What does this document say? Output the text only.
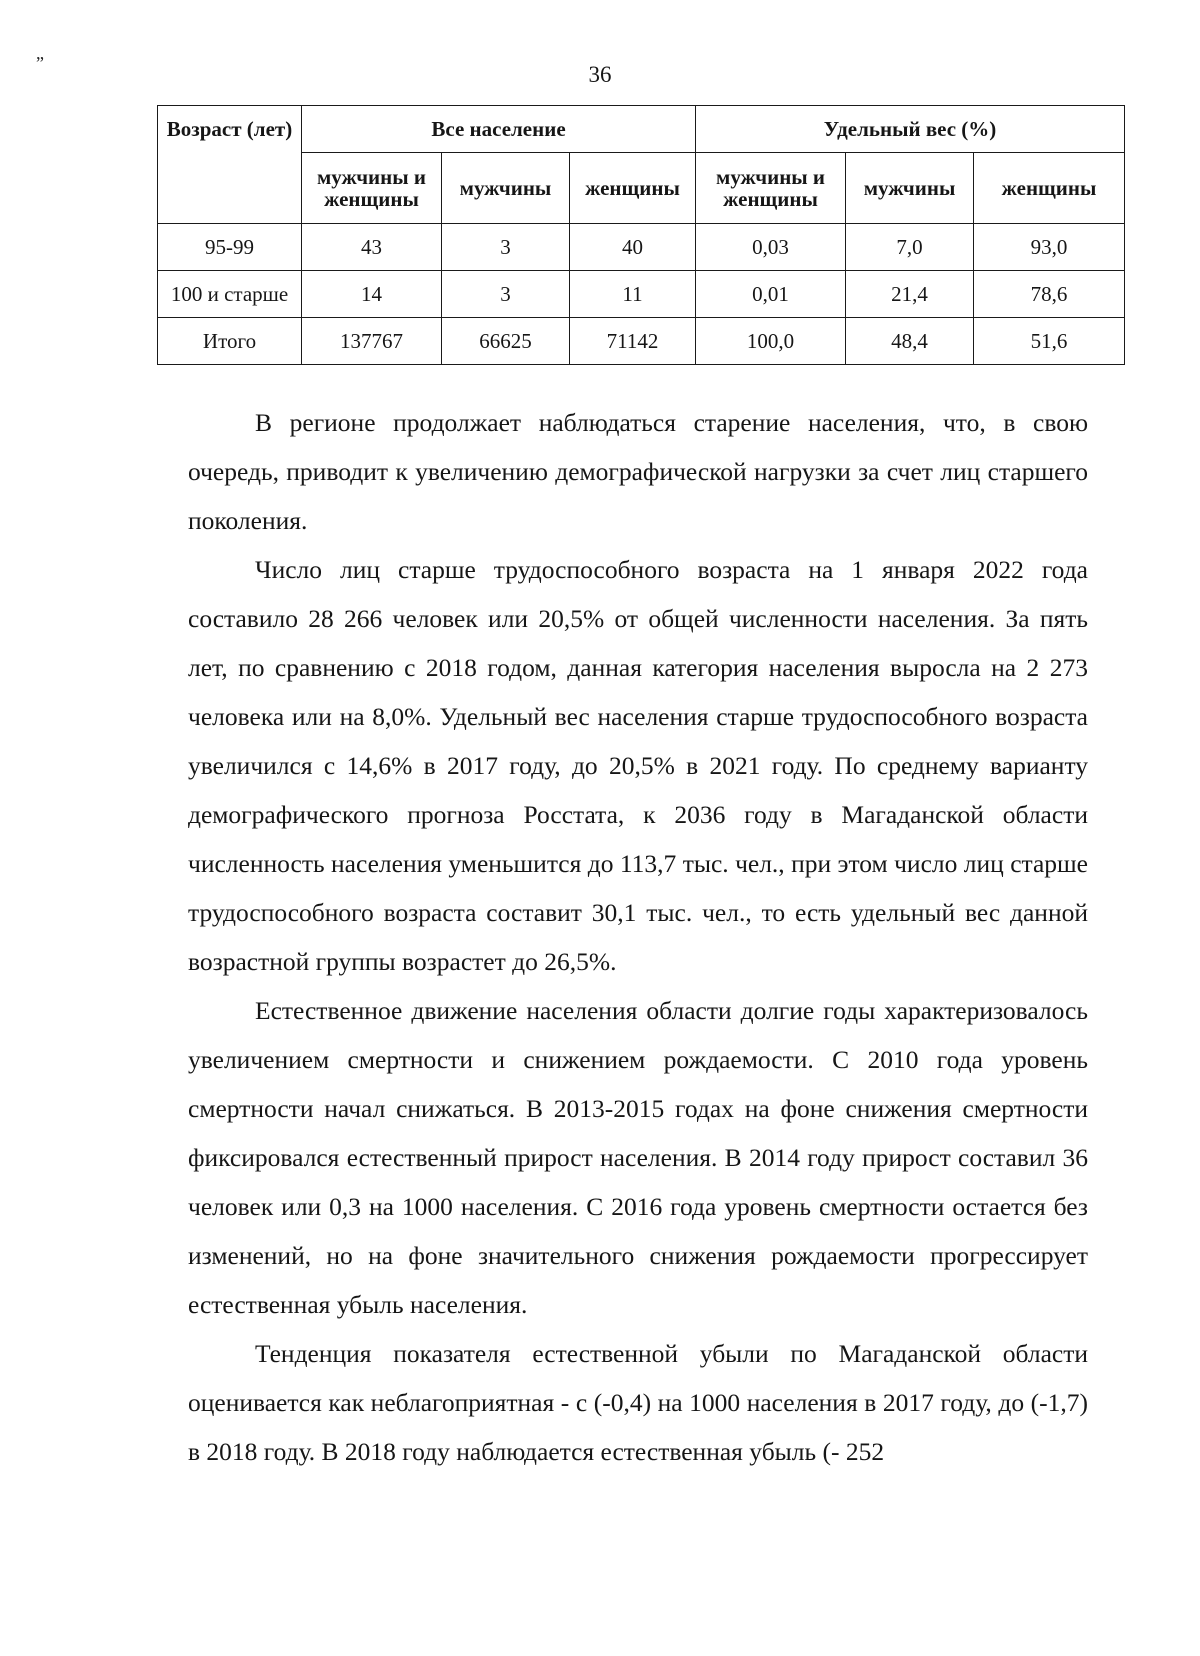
”	36
Возраст (лет)	Все население			Удельный вес (%)		
	мужчины и женщины	мужчины	женщины	мужчины и женщины	мужчины	женщины
95-99	43	3	40	0,03	7,0	93,0
100 и старше	14	3	11	0,01	21,4	78,6
Итого	137767	66625	71142	100,0	48,4	51,6

В регионе продолжает наблюдаться старение населения, что, в свою очередь, приводит к увеличению демографической нагрузки за счет лиц старшего поколения.

Число лиц старше трудоспособного возраста на 1 января 2022 года составило 28 266 человек или 20,5% от общей численности населения. За пять лет, по сравнению с 2018 годом, данная категория населения выросла на 2 273 человека или на 8,0%. Удельный вес населения старше трудоспособного возраста увеличился с 14,6% в 2017 году, до 20,5% в 2021 году. По среднему варианту демографического прогноза Росстата, к 2036 году в Магаданской области численность населения уменьшится до 113,7 тыс. чел., при этом число лиц старше трудоспособного возраста составит 30,1 тыс. чел., то есть удельный вес данной возрастной группы возрастет до 26,5%.

Естественное движение населения области долгие годы характеризовалось увеличением смертности и снижением рождаемости. С 2010 года уровень смертности начал снижаться. В 2013-2015 годах на фоне снижения смертности фиксировался естественный прирост населения. В 2014 году прирост составил 36 человек или 0,3 на 1000 населения. С 2016 года уровень смертности остается без изменений, но на фоне значительного снижения рождаемости прогрессирует естественная убыль населения.

Тенденция показателя естественной убыли по Магаданской области оценивается как неблагоприятная - с (-0,4) на 1000 населения в 2017 году, до (-1,7) в 2018 году. В 2018 году наблюдается естественная убыль (- 252
